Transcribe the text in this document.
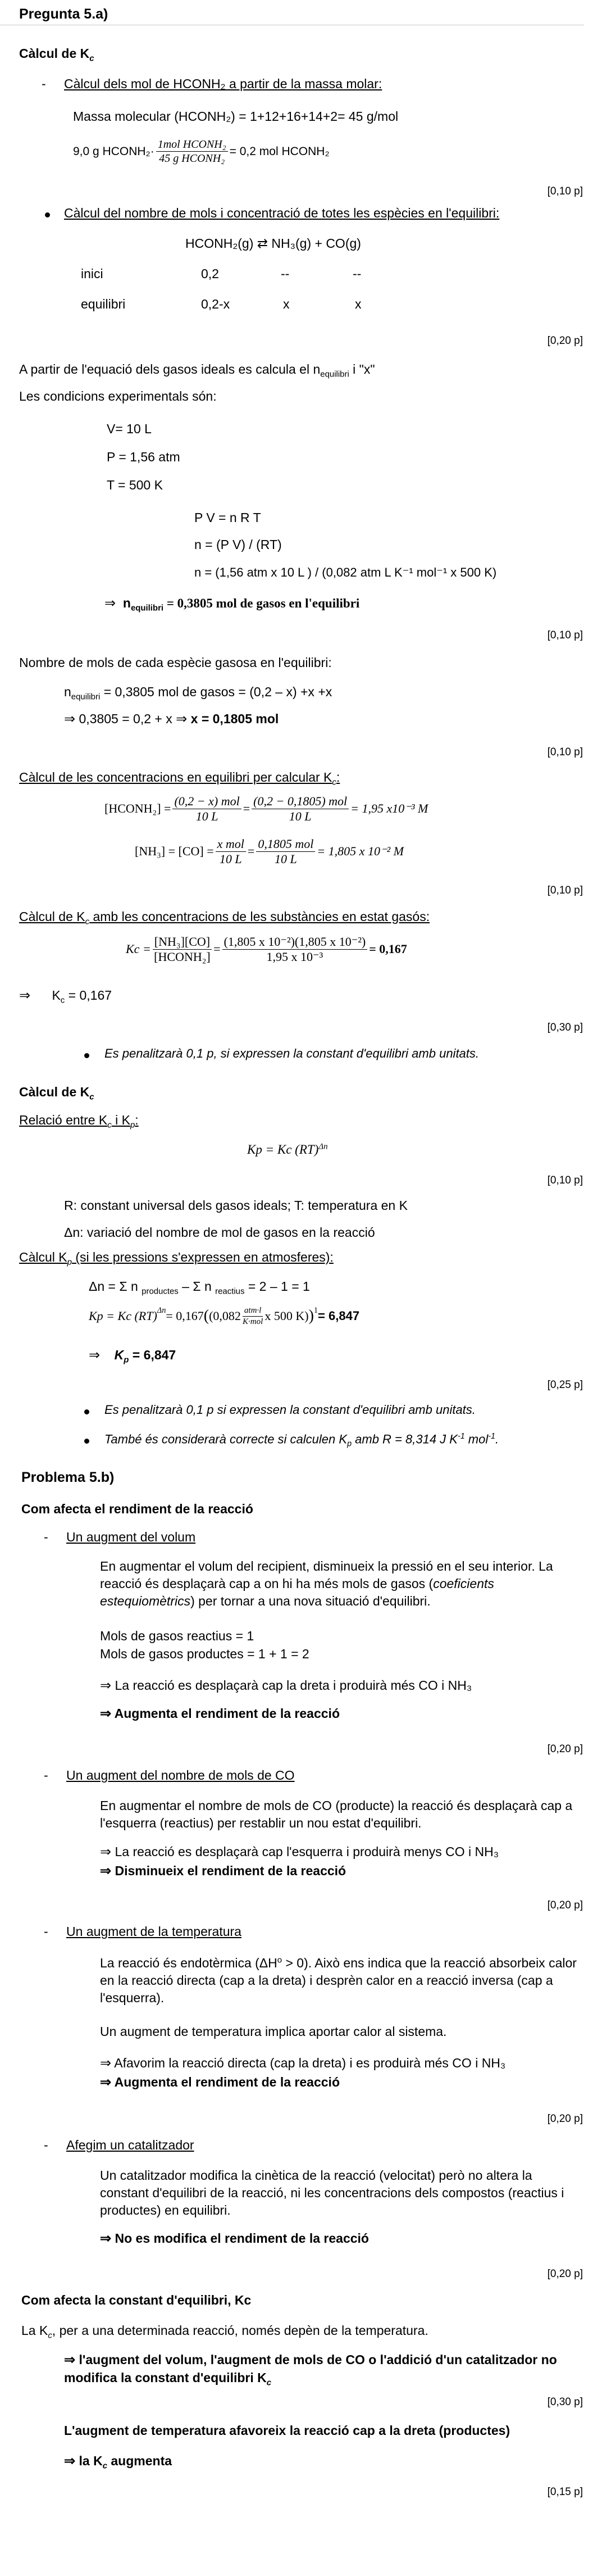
Pregunta 5.a)
Càlcul de $K_c$
- Càlcul dels mol de HCONH₂ a partir de la massa molar:
Massa molecular (HCONH₂) = 1+12+16+14+2= 45 g/mol
9,0 g HCONH₂· $\frac{\text{1mol HCONH₂}}{\text{45 g HCONH₂}} = 0,2$ mol HCONH₂
[0,10 p]
Càlcul del nombre de mols i concentració de totes les espècies en l'equilibri:
HCONH₂(g) ⇄ NH₃(g) + CO(g)
inici	0,2	--	--
equilibri	0,2-x	x	x
[0,20 p]
A partir de l'equació dels gasos ideals es calcula el $n_{equilibri}$ i "x"
Les condicions experimentals són:
V= 10 L
P = 1,56 atm
T = 500 K
P V = n R T
n = (P V) / (RT)
n = (1,56 atm x 10 L ) / (0,082 atm L K⁻¹ mol⁻¹ x 500 K)
⇒ $n_{equilibri} = 0,3805$ mol de gasos en l'equilibri
[0,10 p]
Nombre de mols de cada espècie gasosa en l'equilibri:
$n_{equilibri} = 0,3805$ mol de gasos = (0,2 – x) +x +x
⇒ 0,3805 = 0,2 + x ⇒ x = 0,1805 mol
[0,10 p]
Càlcul de les concentracions en equilibri per calcular $K_c$:
[HCONH₂] = $\frac{\text{(0,2 − x) mol}}{10 L} = \frac{\text{(0,2 − 0,1805) mol}}{10 L} = 1,95$ x10⁻³ M
$[NH_3] = [CO] = \frac{\text{x mol}}{10 L} = \frac{\text{0,1805 mol}}{10 L} = 1,805$ x 10⁻² M
[0,10 p]
Càlcul de $K_c$ amb les concentracions de les substàncies en estat gasós:
$Kc = \frac{\text{[NH₃][CO]}}{\text{[HCONH₂]}} = \frac{\text{(1,805 x 10⁻²)(1,805 x 10⁻²)}}{\text{1,95 x 10⁻³}} = 0,167$
⇒ $K_c = 0,167$
[0,30 p]
Es penalitzarà 0,1 p, si expressen la constant d'equilibri amb unitats.
Càlcul de $K_c$
Relació entre $K_c$ i $K_p$:
Kp = Kc (RT)$^{\Delta n}$
[0,10 p]
R: constant universal dels gasos ideals; T: temperatura en K
Δn: variació del nombre de mol de gasos en la reacció
Càlcul $K_p$ (si les pressions s'expressen en atmosferes):
Δn = Σ n $_{productes}$ – Σ n $_{reactius}$ = 2 – 1 = 1
Kp = Kc (RT)$^{\Delta n}$ = 0,167 ( ($0,082 \frac{\text{atm·l}}{\text{K·mol}}$ x 500 K) )$^1$ = 6,847
⇒ $K_p = 6,847$
[0,25 p]
Es penalitzarà 0,1 p si expressen la constant d'equilibri amb unitats.
També és considerarà correcte si calculen $K_p$ amb R = 8,314 J $K^{-1}$ mol$^{-1}$.
Problema 5.b)
Com afecta el rendiment de la reacció
- Un augment del volum
En augmentar el volum del recipient, disminueix la pressió en el seu interior. La reacció és desplaçarà cap a on hi ha més mols de gasos (coeficients estequiomètrics) per tornar a una nova situació d'equilibri.
Mols de gasos reactius = 1
Mols de gasos productes = 1 + 1 = 2
⇒ La reacció es desplaçarà cap la dreta i produirà més CO i NH₃
⇒ Augmenta el rendiment de la reacció
[0,20 p]
- Un augment del nombre de mols de CO
En augmentar el nombre de mols de CO (producte) la reacció és desplaçarà cap a l'esquerra (reactius) per restablir un nou estat d'equilibri.
⇒ La reacció es desplaçarà cap l'esquerra i produirà menys CO i NH₃
⇒ Disminueix el rendiment de la reacció
[0,20 p]
- Un augment de la temperatura
La reacció és endotèrmica $(\Delta H^o > 0)$. Això ens indica que la reacció absorbeix calor en la reacció directa (cap a la dreta) i desprèn calor en a reacció inversa (cap a l'esquerra).
Un augment de temperatura implica aportar calor al sistema.
⇒ Afavorim la reacció directa (cap la dreta) i es produirà més CO i NH₃
⇒ Augmenta el rendiment de la reacció
[0,20 p]
- Afegim un catalitzador
Un catalitzador modifica la cinètica de la reacció (velocitat) però no altera la constant d'equilibri de la reacció, ni les concentracions dels compostos (reactius i productes) en equilibri.
⇒ No es modifica el rendiment de la reacció
[0,20 p]
Com afecta la constant d'equilibri, Kc
La $K_c$, per a una determinada reacció, només depèn de la temperatura.
⇒ l'augment del volum, l'augment de mols de CO o l'addició d'un catalitzador no modifica la constant d'equilibri $K_c$
[0,30 p]
L'augment de temperatura afavoreix la reacció cap a la dreta (productes)
⇒ la $K_c$ augmenta
[0,15 p]
